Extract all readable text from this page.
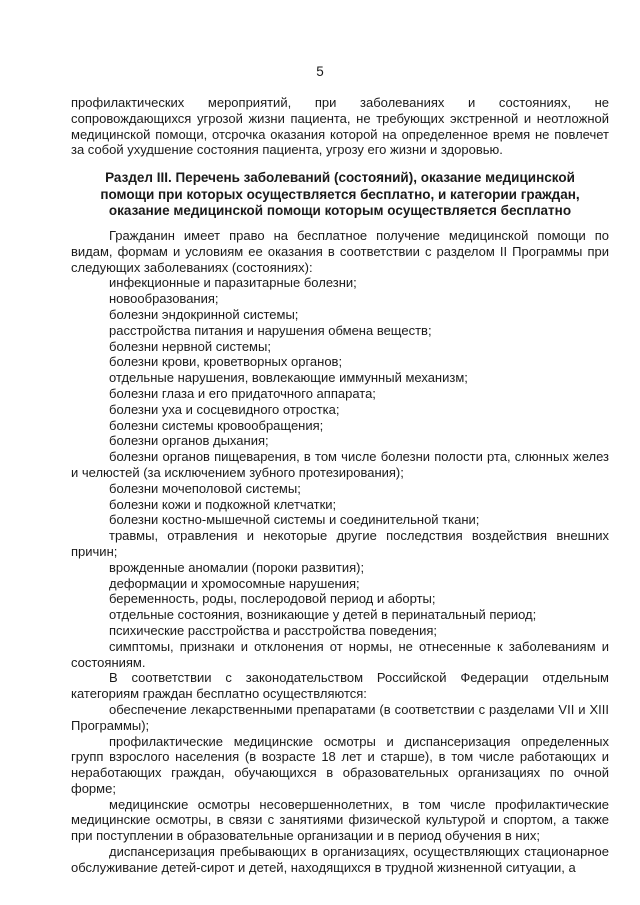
5

профилактических мероприятий, при заболеваниях и состояниях, не сопровождающихся угрозой жизни пациента, не требующих экстренной и неотложной медицинской помощи, отсрочка оказания которой на определенное время не повлечет за собой ухудшение состояния пациента, угрозу его жизни и здоровью.

Раздел III. Перечень заболеваний (состояний), оказание медицинской
помощи при которых осуществляется бесплатно, и категории граждан,
оказание медицинской помощи которым осуществляется бесплатно

Гражданин имеет право на бесплатное получение медицинской помощи по видам, формам и условиям ее оказания в соответствии с разделом II Программы при следующих заболеваниях (состояниях):

инфекционные и паразитарные болезни;

новообразования;

болезни эндокринной системы;

расстройства питания и нарушения обмена веществ;

болезни нервной системы;

болезни крови, кроветворных органов;

отдельные нарушения, вовлекающие иммунный механизм;

болезни глаза и его придаточного аппарата;

болезни уха и сосцевидного отростка;

болезни системы кровообращения;

болезни органов дыхания;

болезни органов пищеварения, в том числе болезни полости рта, слюнных желез и челюстей (за исключением зубного протезирования);

болезни мочеполовой системы;

болезни кожи и подкожной клетчатки;

болезни костно-мышечной системы и соединительной ткани;

травмы, отравления и некоторые другие последствия воздействия внешних причин;

врожденные аномалии (пороки развития);

деформации и хромосомные нарушения;

беременность, роды, послеродовой период и аборты;

отдельные состояния, возникающие у детей в перинатальный период;

психические расстройства и расстройства поведения;

симптомы, признаки и отклонения от нормы, не отнесенные к заболеваниям и состояниям.

В соответствии с законодательством Российской Федерации отдельным категориям граждан бесплатно осуществляются:

обеспечение лекарственными препаратами (в соответствии с разделами VII и XIII Программы);

профилактические медицинские осмотры и диспансеризация определенных групп взрослого населения (в возрасте 18 лет и старше), в том числе работающих и неработающих граждан, обучающихся в образовательных организациях по очной форме;

медицинские осмотры несовершеннолетних, в том числе профилактические медицинские осмотры, в связи с занятиями физической культурой и спортом, а также при поступлении в образовательные организации и в период обучения в них;

диспансеризация пребывающих в организациях, осуществляющих стационарное обслуживание детей-сирот и детей, находящихся в трудной жизненной ситуации, а
